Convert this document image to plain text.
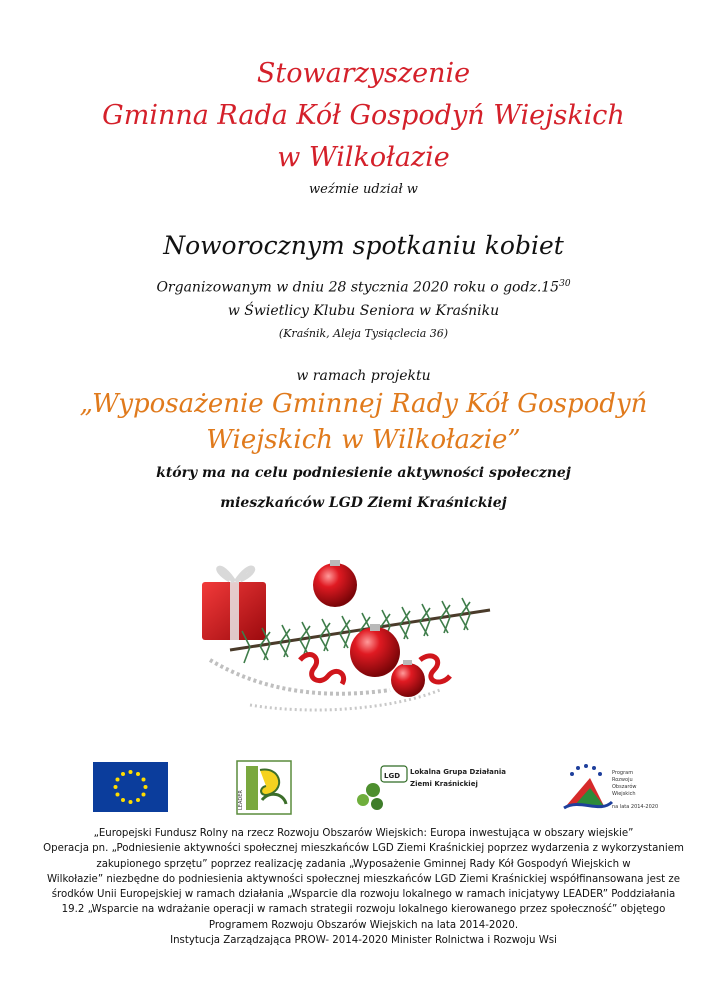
Stowarzyszenie
Gminna Rada Kół Gospodyń Wiejskich
w Wilkołazie
weźmie udział w
Noworocznym spotkaniu kobiet
Organizowanym w dniu 28 stycznia 2020 roku o $godz.15^{30}$
w Świetlicy Klubu Seniora w Kraśniku
(Kraśnik, Aleja Tysiąclecia 36)
w ramach projektu
„Wyposażenie Gminnej Rady Kół Gospodyń
Wiejskich w Wilkołazie”
który ma na celu podniesienie aktywności społecznej
mieszkańców LGD Ziemi Kraśnickiej
LEADER
LGD Lokalna Grupa Działania
Ziemi Kraśnickiej
Program
Rozwoju
Obszarów
Wiejskich
na lata 2014-2020
„Europejski Fundusz Rolny na rzecz Rozwoju Obszarów Wiejskich: Europa inwestująca w obszary wiejskie”
Operacja pn. „Podniesienie aktywności społecznej mieszkańców LGD Ziemi Kraśnickiej poprzez wydarzenia z wykorzystaniem
zakupionego sprzętu” poprzez realizację zadania „Wyposażenie Gminnej Rady Kół Gospodyń Wiejskich w
Wilkołazie” niezbędne do podniesienia aktywności społecznej mieszkańców LGD Ziemi Kraśnickiej współfinansowana jest ze
środków Unii Europejskiej w ramach działania „Wsparcie dla rozwoju lokalnego w ramach inicjatywy LEADER” Poddziałania
19.2 „Wsparcie na wdrażanie operacji w ramach strategii rozwoju lokalnego kierowanego przez społeczność” objętego
Programem Rozwoju Obszarów Wiejskich na lata 2014-2020.
Instytucja Zarządzająca PROW- 2014-2020 Minister Rolnictwa i Rozwoju Wsi
